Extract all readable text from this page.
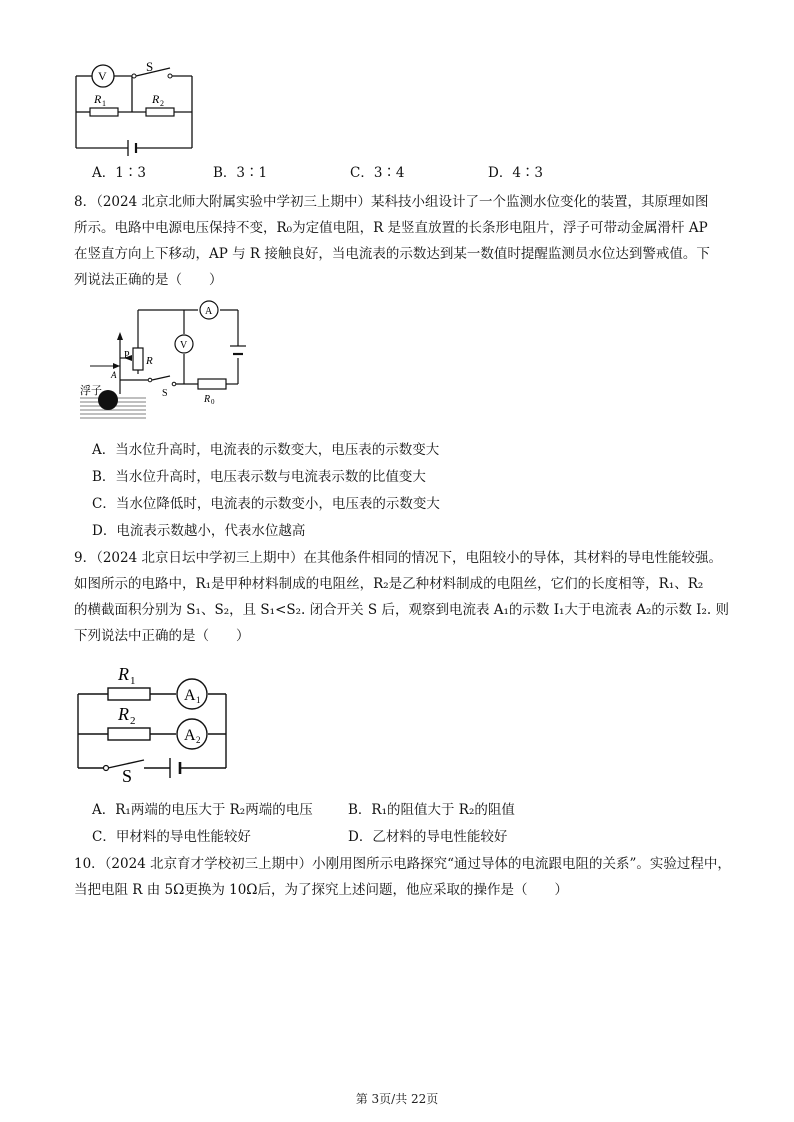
V
S
R 1	R 2
A．1∶3	B．3∶1	C．3∶4	D．4∶3
8．（2024 北京北师大附属实验中学初三上期中）某科技小组设计了一个监测水位变化的装置，其原理如图
所示。电路中电源电压保持不变，R₀为定值电阻，R 是竖直放置的长条形电阻片，浮子可带动金属滑杆 AP
在竖直方向上下移动，AP 与 R 接触良好，当电流表的示数达到某一数值时提醒监测员水位达到警戒值。下
列说法正确的是（　　）
A
V
P R
A
S
R 0
浮子
A．当水位升高时，电流表的示数变大，电压表的示数变大
B．当水位升高时，电压表示数与电流表示数的比值变大
C．当水位降低时，电流表的示数变小，电压表的示数变大
D．电流表示数越小，代表水位越高
9．（2024 北京日坛中学初三上期中）在其他条件相同的情况下，电阻较小的导体，其材料的导电性能较强。
如图所示的电路中，R₁是甲种材料制成的电阻丝，R₂是乙种材料制成的电阻丝，它们的长度相等，R₁、R₂
的横截面积分别为 S₁、S₂，且 S₁<S₂. 闭合开关 S 后，观察到电流表 A₁的示数 I₁大于电流表 A₂的示数 I₂. 则
下列说法中正确的是（　　）
R 1
R 2
A 1
A 2
S
A．R₁两端的电压大于 R₂两端的电压	B．R₁的阻值大于 R₂的阻值
C．甲材料的导电性能较好	D．乙材料的导电性能较好
10．（2024 北京育才学校初三上期中）小刚用图所示电路探究“通过导体的电流跟电阻的关系”。实验过程中，
当把电阻 R 由 5Ω更换为 10Ω后，为了探究上述问题，他应采取的操作是（　　）
第 3页/共 22页
